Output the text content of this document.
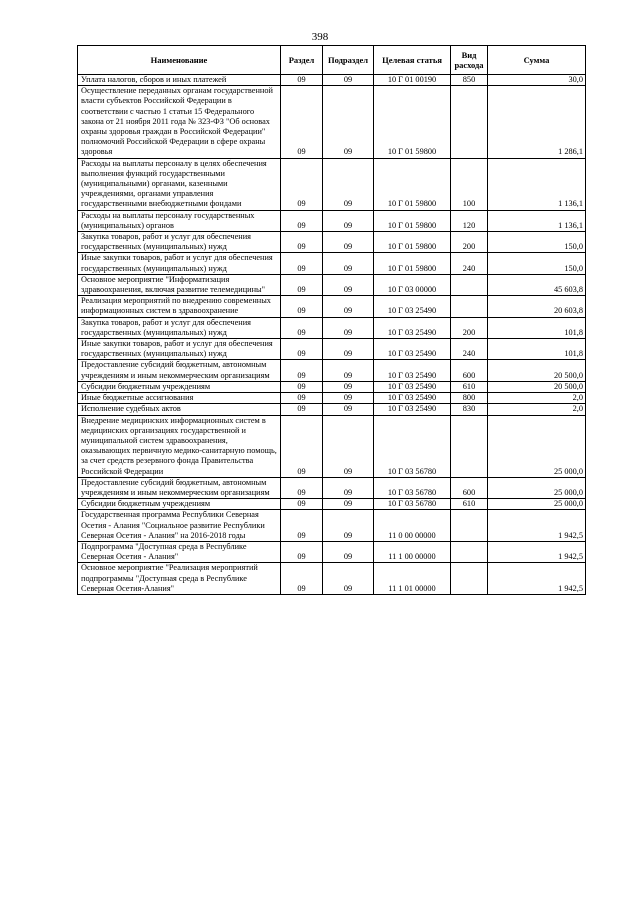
398
Наименование	Раздел	Подраздел	Целевая статья	Вид расхода	Сумма
Уплата налогов, сборов и иных платежей	09	09	10 Г 01 00190	850	30,0
Осуществление переданных органам государственной власти субъектов Российской Федерации в соответствии с частью 1 статьи 15 Федерального закона от 21 ноября 2011 года № 323-ФЗ "Об основах охраны здоровья граждан в Российской Федерации" полномочий Российской Федерации в сфере охраны здоровья	09	09	10 Г 01 59800		1 286,1
Расходы на выплаты персоналу в целях обеспечения выполнения функций государственными (муниципальными) органами, казенными учреждениями, органами управления государственными внебюджетными фондами	09	09	10 Г 01 59800	100	1 136,1
Расходы на выплаты персоналу государственных (муниципальных) органов	09	09	10 Г 01 59800	120	1 136,1
Закупка товаров, работ и услуг для обеспечения государственных (муниципальных) нужд	09	09	10 Г 01 59800	200	150,0
Иные закупки товаров, работ и услуг для обеспечения государственных (муниципальных) нужд	09	09	10 Г 01 59800	240	150,0
Основное мероприятие "Информатизация здравоохранения, включая развитие телемедицины"	09	09	10 Г 03 00000		45 603,8
Реализация мероприятий по внедрению современных информационных систем в здравоохранение	09	09	10 Г 03 25490		20 603,8
Закупка товаров, работ и услуг для обеспечения государственных (муниципальных) нужд	09	09	10 Г 03 25490	200	101,8
Иные закупки товаров, работ и услуг для обеспечения государственных (муниципальных) нужд	09	09	10 Г 03 25490	240	101,8
Предоставление субсидий бюджетным, автономным учреждениям и иным некоммерческим организациям	09	09	10 Г 03 25490	600	20 500,0
Субсидии бюджетным учреждениям	09	09	10 Г 03 25490	610	20 500,0
Иные бюджетные ассигнования	09	09	10 Г 03 25490	800	2,0
Исполнение судебных актов	09	09	10 Г 03 25490	830	2,0
Внедрение медицинских информационных систем в медицинских организациях государственной и муниципальной систем здравоохранения, оказывающих первичную медико-санитарную помощь, за счет средств резервного фонда Правительства Российской Федерации	09	09	10 Г 03 56780		25 000,0
Предоставление субсидий бюджетным, автономным учреждениям и иным некоммерческим организациям	09	09	10 Г 03 56780	600	25 000,0
Субсидии бюджетным учреждениям	09	09	10 Г 03 56780	610	25 000,0
Государственная программа Республики Северная Осетия - Алания "Социальное развитие Республики Северная Осетия - Алания" на 2016-2018 годы	09	09	11 0 00 00000		1 942,5
Подпрограмма "Доступная среда в Республике Северная Осетия - Алания"	09	09	11 1 00 00000		1 942,5
Основное мероприятие "Реализация мероприятий подпрограммы "Доступная среда в Республике Северная Осетия-Алания"	09	09	11 1 01 00000		1 942,5
